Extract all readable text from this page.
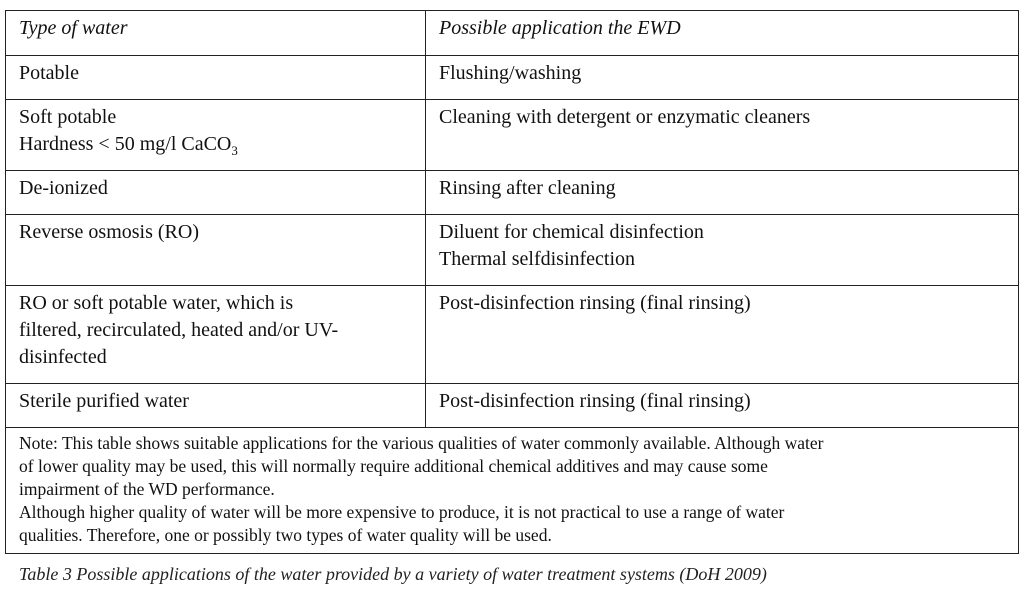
Type of water	Possible application the EWD

Potable	Flushing/washing

Soft potable
Hardness < 50 mg/l CaCO$_3$	Cleaning with detergent or enzymatic cleaners

De-ionized	Rinsing after cleaning

Reverse osmosis (RO)	Diluent for chemical disinfection
Thermal selfdisinfection

RO or soft potable water, which is
filtered, recirculated, heated and/or UV-
disinfected	Post-disinfection rinsing (final rinsing)

Sterile purified water	Post-disinfection rinsing (final rinsing)

Note: This table shows suitable applications for the various qualities of water commonly available. Although water
of lower quality may be used, this will normally require additional chemical additives and may cause some
impairment of the WD performance.
Although higher quality of water will be more expensive to produce, it is not practical to use a range of water
qualities. Therefore, one or possibly two types of water quality will be used.	
Table 3 Possible applications of the water provided by a variety of water treatment systems (DoH 2009)
